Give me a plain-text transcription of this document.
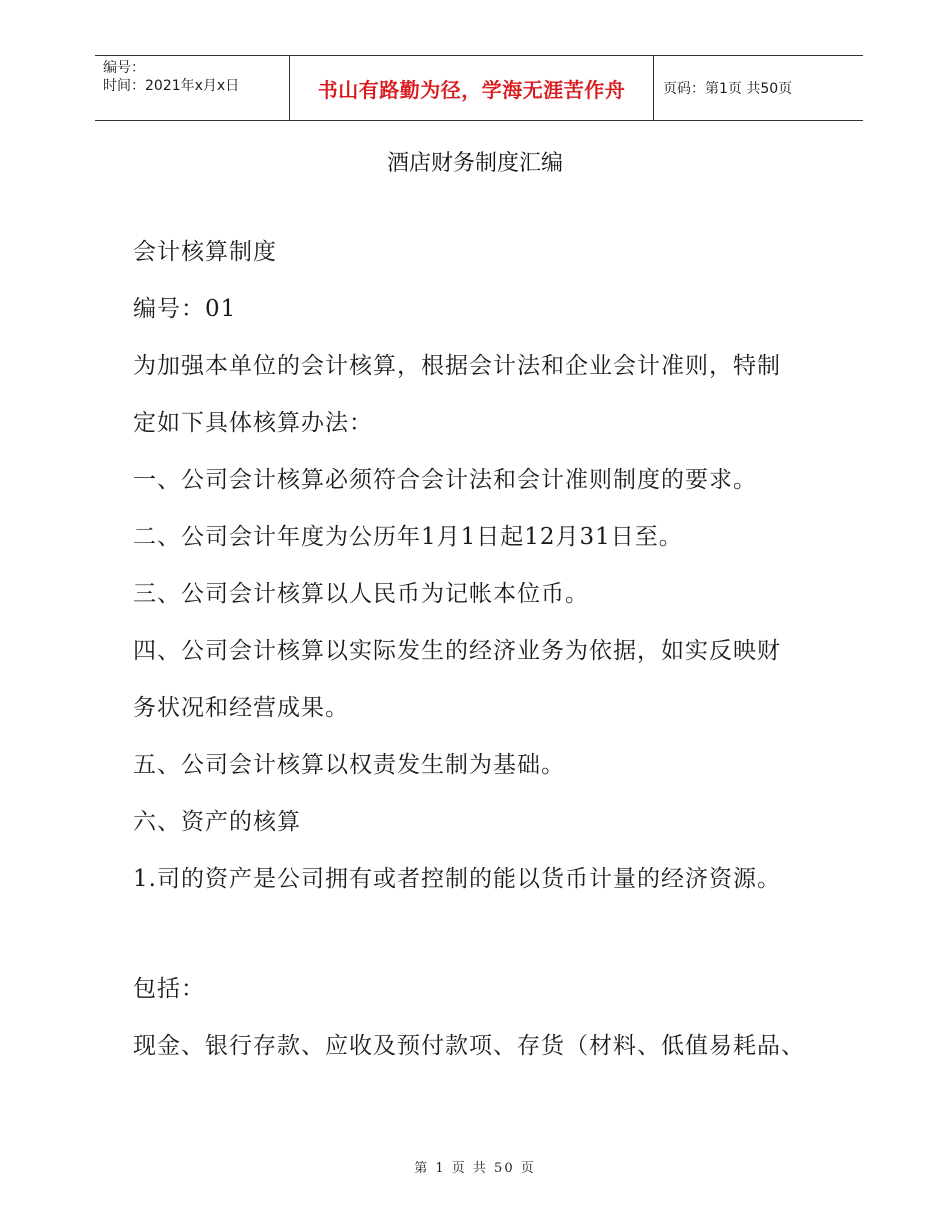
编号：
时间：2021年x月x日	书山有路勤为径，学海无涯苦作舟	页码：第1页 共50页
酒店财务制度汇编
会计核算制度
编号：01
为加强本单位的会计核算，根据会计法和企业会计准则，特制
定如下具体核算办法：
一、公司会计核算必须符合会计法和会计准则制度的要求。
二、公司会计年度为公历年1月1日起12月31日至。
三、公司会计核算以人民币为记帐本位币。
四、公司会计核算以实际发生的经济业务为依据，如实反映财
务状况和经营成果。
五、公司会计核算以权责发生制为基础。
六、资产的核算
1.司的资产是公司拥有或者控制的能以货币计量的经济资源。
包括：
现金、银行存款、应收及预付款项、存货（材料、低值易耗品、
第 1 页 共 50 页
